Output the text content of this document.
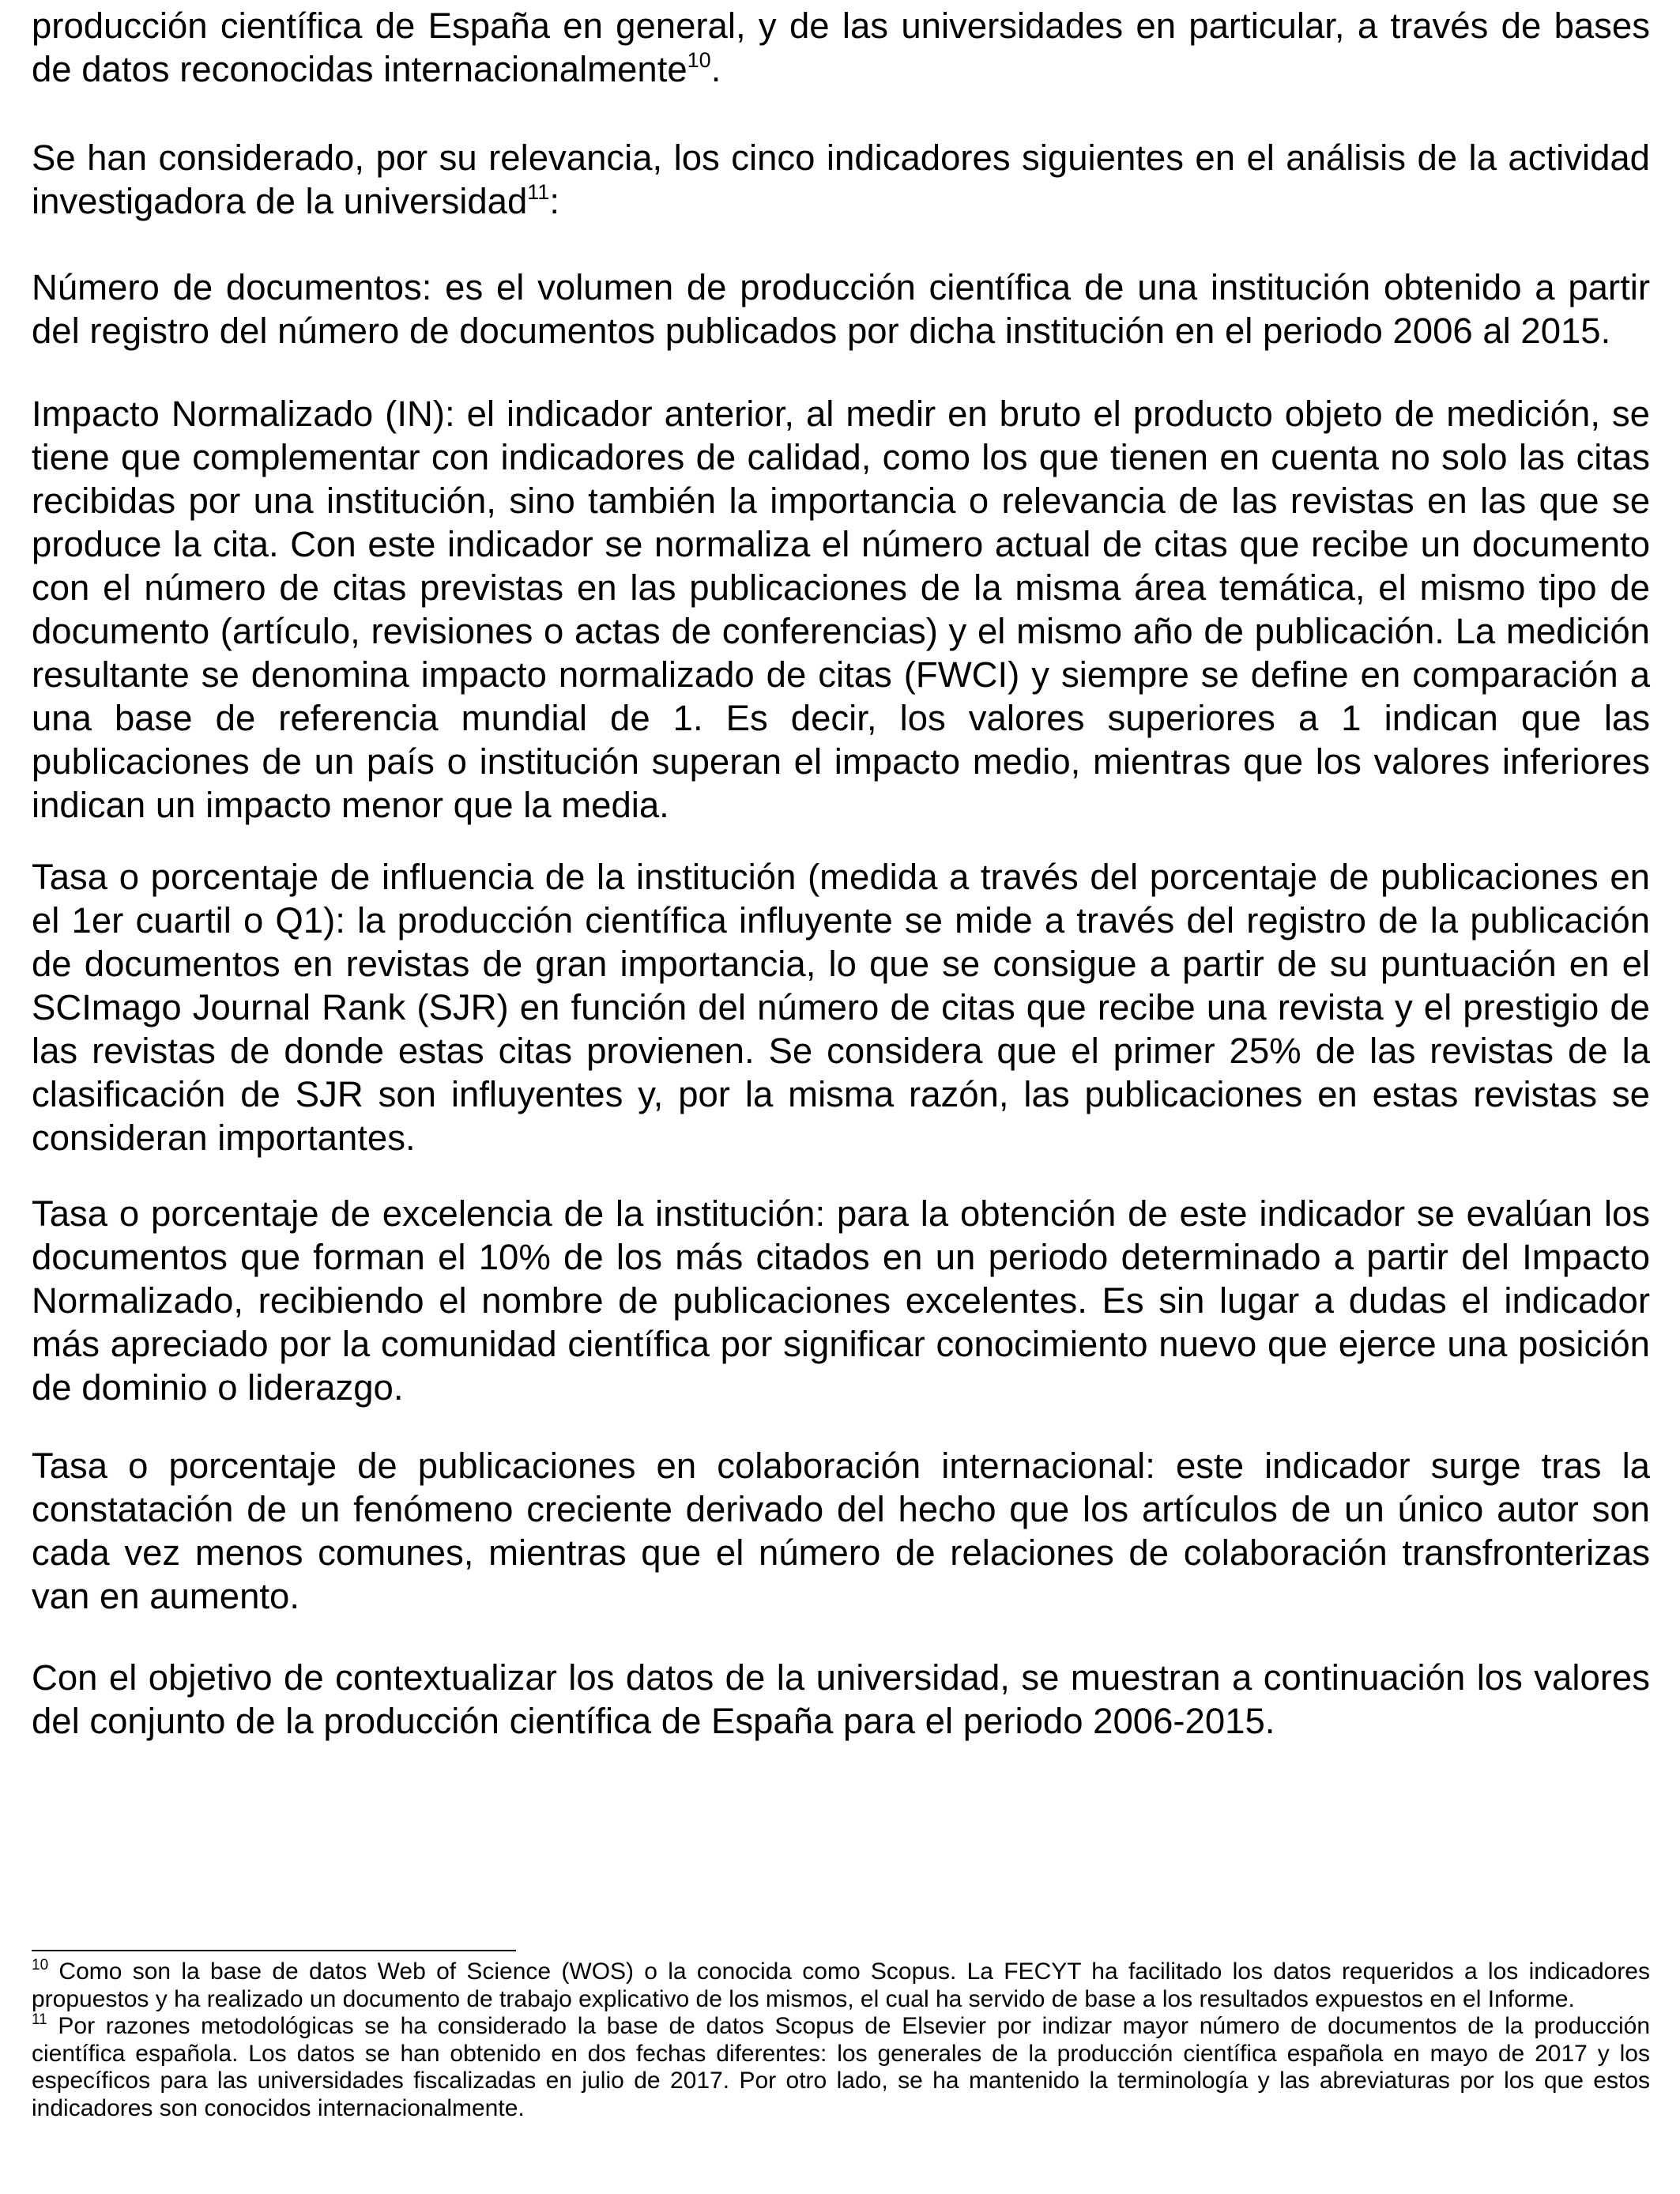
producción científica de España en general, y de las universidades en particular, a través de bases de datos reconocidas internacionalmente$^{10}$.

Se han considerado, por su relevancia, los cinco indicadores siguientes en el análisis de la actividad investigadora de la universidad$^{11}$:

Número de documentos: es el volumen de producción científica de una institución obtenido a partir del registro del número de documentos publicados por dicha institución en el periodo 2006 al 2015.

Impacto Normalizado (IN): el indicador anterior, al medir en bruto el producto objeto de medición, se tiene que complementar con indicadores de calidad, como los que tienen en cuenta no solo las citas recibidas por una institución, sino también la importancia o relevancia de las revistas en las que se produce la cita. Con este indicador se normaliza el número actual de citas que recibe un documento con el número de citas previstas en las publicaciones de la misma área temática, el mismo tipo de documento (artículo, revisiones o actas de conferencias) y el mismo año de publicación. La medición resultante se denomina impacto normalizado de citas (FWCI) y siempre se define en comparación a una base de referencia mundial de 1. Es decir, los valores superiores a 1 indican que las publicaciones de un país o institución superan el impacto medio, mientras que los valores inferiores indican un impacto menor que la media.

Tasa o porcentaje de influencia de la institución (medida a través del porcentaje de publicaciones en el 1er cuartil o Q1): la producción científica influyente se mide a través del registro de la publicación de documentos en revistas de gran importancia, lo que se consigue a partir de su puntuación en el SCImago Journal Rank (SJR) en función del número de citas que recibe una revista y el prestigio de las revistas de donde estas citas provienen. Se considera que el primer 25% de las revistas de la clasificación de SJR son influyentes y, por la misma razón, las publicaciones en estas revistas se consideran importantes.

Tasa o porcentaje de excelencia de la institución: para la obtención de este indicador se evalúan los documentos que forman el 10% de los más citados en un periodo determinado a partir del Impacto Normalizado, recibiendo el nombre de publicaciones excelentes. Es sin lugar a dudas el indicador más apreciado por la comunidad científica por significar conocimiento nuevo que ejerce una posición de dominio o liderazgo.

Tasa o porcentaje de publicaciones en colaboración internacional: este indicador surge tras la constatación de un fenómeno creciente derivado del hecho que los artículos de un único autor son cada vez menos comunes, mientras que el número de relaciones de colaboración transfronterizas van en aumento.

Con el objetivo de contextualizar los datos de la universidad, se muestran a continuación los valores del conjunto de la producción científica de España para el periodo 2006-2015.

$^{10}$ Como son la base de datos Web of Science (WOS) o la conocida como Scopus. La FECYT ha facilitado los datos requeridos a los indicadores propuestos y ha realizado un documento de trabajo explicativo de los mismos, el cual ha servido de base a los resultados expuestos en el Informe.

$^{11}$ Por razones metodológicas se ha considerado la base de datos Scopus de Elsevier por indizar mayor número de documentos de la producción científica española. Los datos se han obtenido en dos fechas diferentes: los generales de la producción científica española en mayo de 2017 y los específicos para las universidades fiscalizadas en julio de 2017. Por otro lado, se ha mantenido la terminología y las abreviaturas por los que estos indicadores son conocidos internacionalmente.
